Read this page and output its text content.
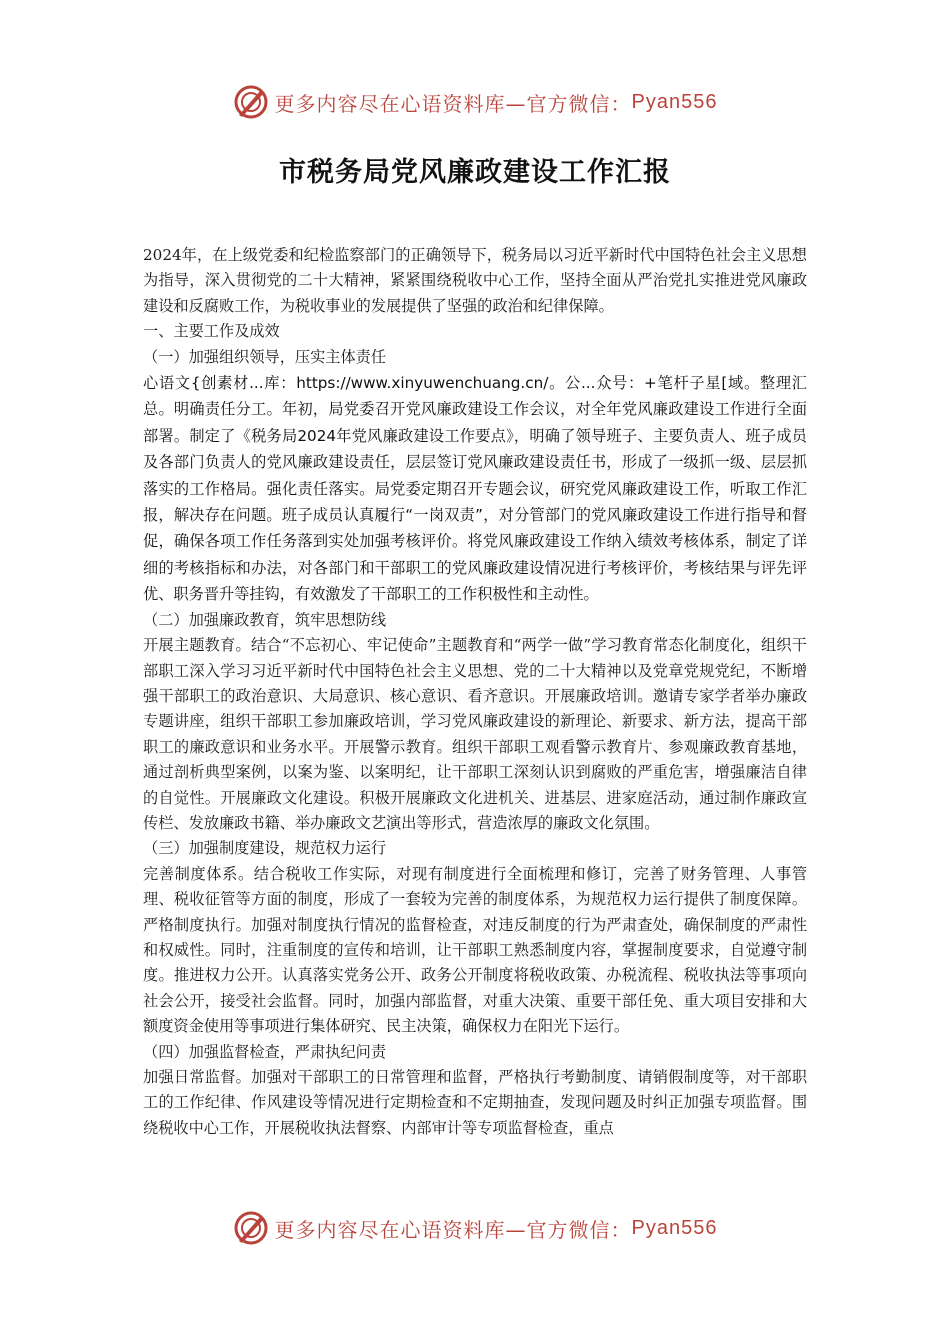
更多内容尽在心语资料库—官方微信： Pyan556
市税务局党风廉政建设工作汇报

2024年，在上级党委和纪检监察部门的正确领导下，税务局以习近平新时代中国特色社会主义思想为指导，深入贯彻党的二十大精神，紧紧围绕税收中心工作，坚持全面从严治党扎实推进党风廉政建设和反腐败工作，为税收事业的发展提供了坚强的政治和纪律保障。

一、主要工作及成效

（一）加强组织领导，压实主体责任

心语文{创素材...库：https://www.xinyuwenchuang.cn/。公...众号：+笔杆子星[域。整理汇总。明确责任分工。年初，局党委召开党风廉政建设工作会议，对全年党风廉政建设工作进行全面部署。制定了《税务局2024年党风廉政建设工作要点》，明确了领导班子、主要负责人、班子成员及各部门负责人的党风廉政建设责任，层层签订党风廉政建设责任书，形成了一级抓一级、层层抓落实的工作格局。强化责任落实。局党委定期召开专题会议，研究党风廉政建设工作，听取工作汇报，解决存在问题。班子成员认真履行“一岗双责”，对分管部门的党风廉政建设工作进行指导和督促，确保各项工作任务落到实处加强考核评价。将党风廉政建设工作纳入绩效考核体系，制定了详细的考核指标和办法，对各部门和干部职工的党风廉政建设情况进行考核评价，考核结果与评先评优、职务晋升等挂钩，有效激发了干部职工的工作积极性和主动性。

（二）加强廉政教育，筑牢思想防线

开展主题教育。结合“不忘初心、牢记使命”主题教育和“两学一做”学习教育常态化制度化，组织干部职工深入学习习近平新时代中国特色社会主义思想、党的二十大精神以及党章党规党纪，不断增强干部职工的政治意识、大局意识、核心意识、看齐意识。开展廉政培训。邀请专家学者举办廉政专题讲座，组织干部职工参加廉政培训，学习党风廉政建设的新理论、新要求、新方法，提高干部职工的廉政意识和业务水平。开展警示教育。组织干部职工观看警示教育片、参观廉政教育基地，通过剖析典型案例，以案为鉴、以案明纪，让干部职工深刻认识到腐败的严重危害，增强廉洁自律的自觉性。开展廉政文化建设。积极开展廉政文化进机关、进基层、进家庭活动，通过制作廉政宣传栏、发放廉政书籍、举办廉政文艺演出等形式，营造浓厚的廉政文化氛围。

（三）加强制度建设，规范权力运行

完善制度体系。结合税收工作实际，对现有制度进行全面梳理和修订，完善了财务管理、人事管理、税收征管等方面的制度，形成了一套较为完善的制度体系，为规范权力运行提供了制度保障。严格制度执行。加强对制度执行情况的监督检查，对违反制度的行为严肃查处，确保制度的严肃性和权威性。同时，注重制度的宣传和培训，让干部职工熟悉制度内容，掌握制度要求，自觉遵守制度。推进权力公开。认真落实党务公开、政务公开制度将税收政策、办税流程、税收执法等事项向社会公开，接受社会监督。同时，加强内部监督，对重大决策、重要干部任免、重大项目安排和大额度资金使用等事项进行集体研究、民主决策，确保权力在阳光下运行。

（四）加强监督检查，严肃执纪问责

加强日常监督。加强对干部职工的日常管理和监督，严格执行考勤制度、请销假制度等，对干部职工的工作纪律、作风建设等情况进行定期检查和不定期抽查，发现问题及时纠正加强专项监督。围绕税收中心工作，开展税收执法督察、内部审计等专项监督检查，重点

更多内容尽在心语资料库—官方微信： Pyan556
